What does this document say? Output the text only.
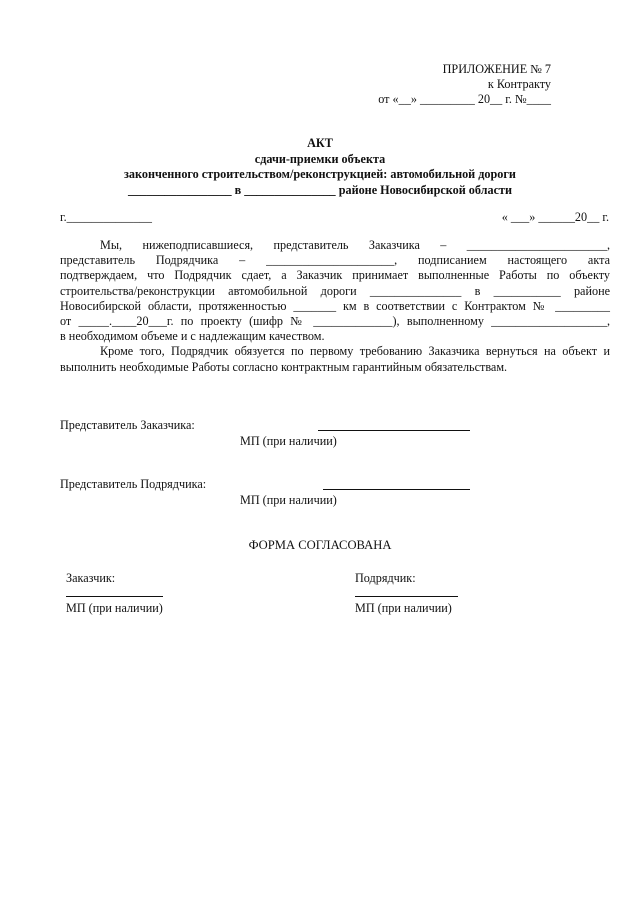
ПРИЛОЖЕНИЕ № 7
к Контракту
от «__» _________ 20__ г. №____
АКТ
сдачи-приемки объекта
законченного строительством/реконструкцией: автомобильной дороги
_________________ в _______________ районе Новосибирской области
г.______________	« ___» ______20__ г.

Мы, нижеподписавшиеся, представитель Заказчика – _______________________,

представитель Подрядчика – _____________________, подписанием настоящего акта

подтверждаем, что Подрядчик сдает, а Заказчик принимает выполненные Работы по объекту

строительства/реконструкции автомобильной дороги _______________ в ___________ районе

Новосибирской области, протяженностью _______ км в соответствии с Контрактом № _________

от _____.____20___г. по проекту (шифр № _____________), выполненному ___________________,

в необходимом объеме и с надлежащим качеством.

Кроме того, Подрядчик обязуется по первому требованию Заказчика вернуться на объект и

выполнить необходимые Работы согласно контрактным гарантийным обязательствам.

Представитель Заказчика:
МП (при наличии)
Представитель Подрядчика:
МП (при наличии)
ФОРМА СОГЛАСОВАНА
Заказчик:
МП (при наличии)
Подрядчик:
МП (при наличии)
